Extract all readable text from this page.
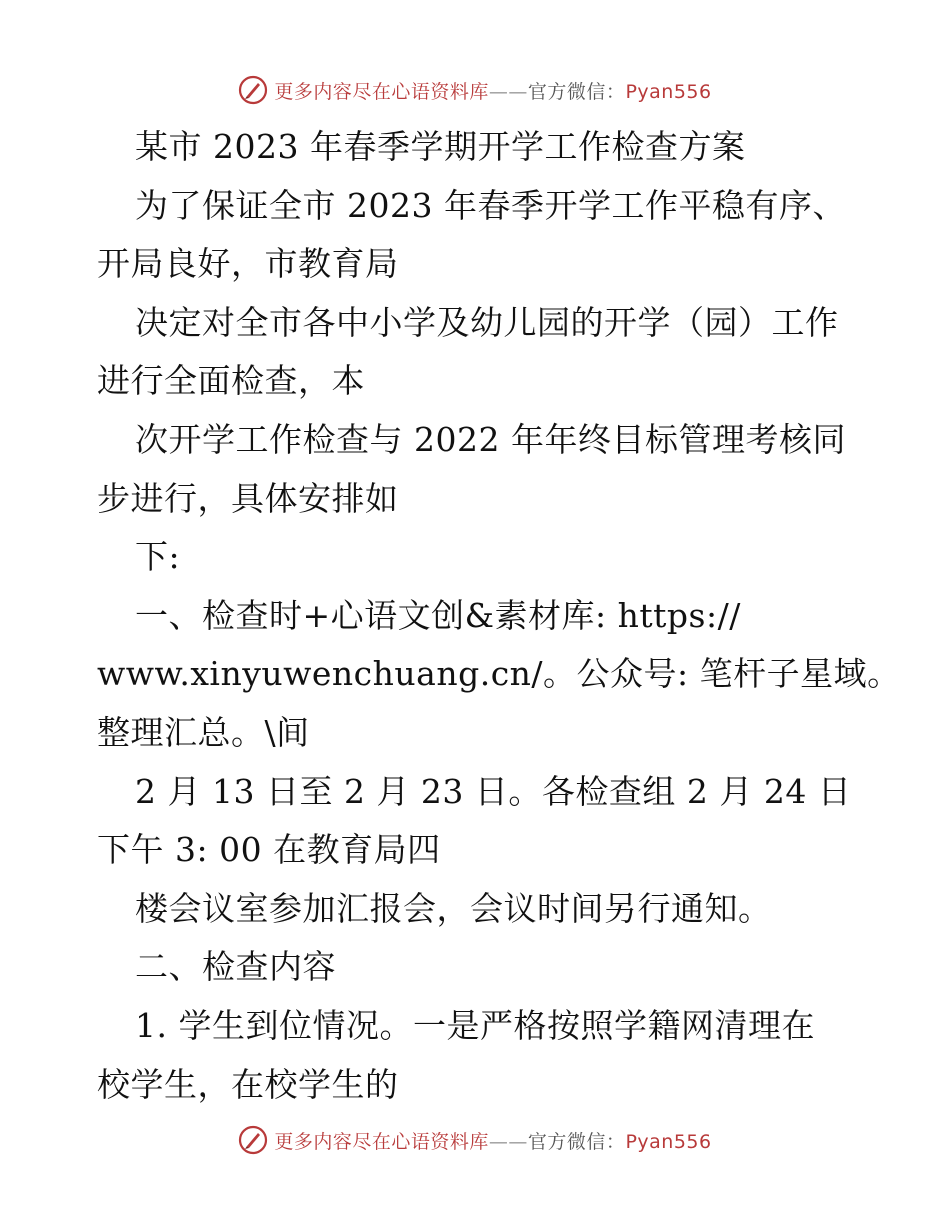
更多内容尽在心语资料库——官方微信：Pyan556
某市 2023 年春季学期开学工作检查方案
为了保证全市 2023 年春季开学工作平稳有序、
开局良好，市教育局
决定对全市各中小学及幼儿园的开学（园）工作
进行全面检查，本
次开学工作检查与 2022 年年终目标管理考核同
步进行，具体安排如
下:
一、检查时+心语文创&素材库: https://
www.xinyuwenchuang.cn/。公众号: 笔杆子星域。
整理汇总。\间
2 月 13 日至 2 月 23 日。各检查组 2 月 24 日
下午 3: 00 在教育局四
楼会议室参加汇报会，会议时间另行通知。
二、检查内容
1. 学生到位情况。一是严格按照学籍网清理在
校学生，在校学生的
更多内容尽在心语资料库——官方微信：Pyan556
